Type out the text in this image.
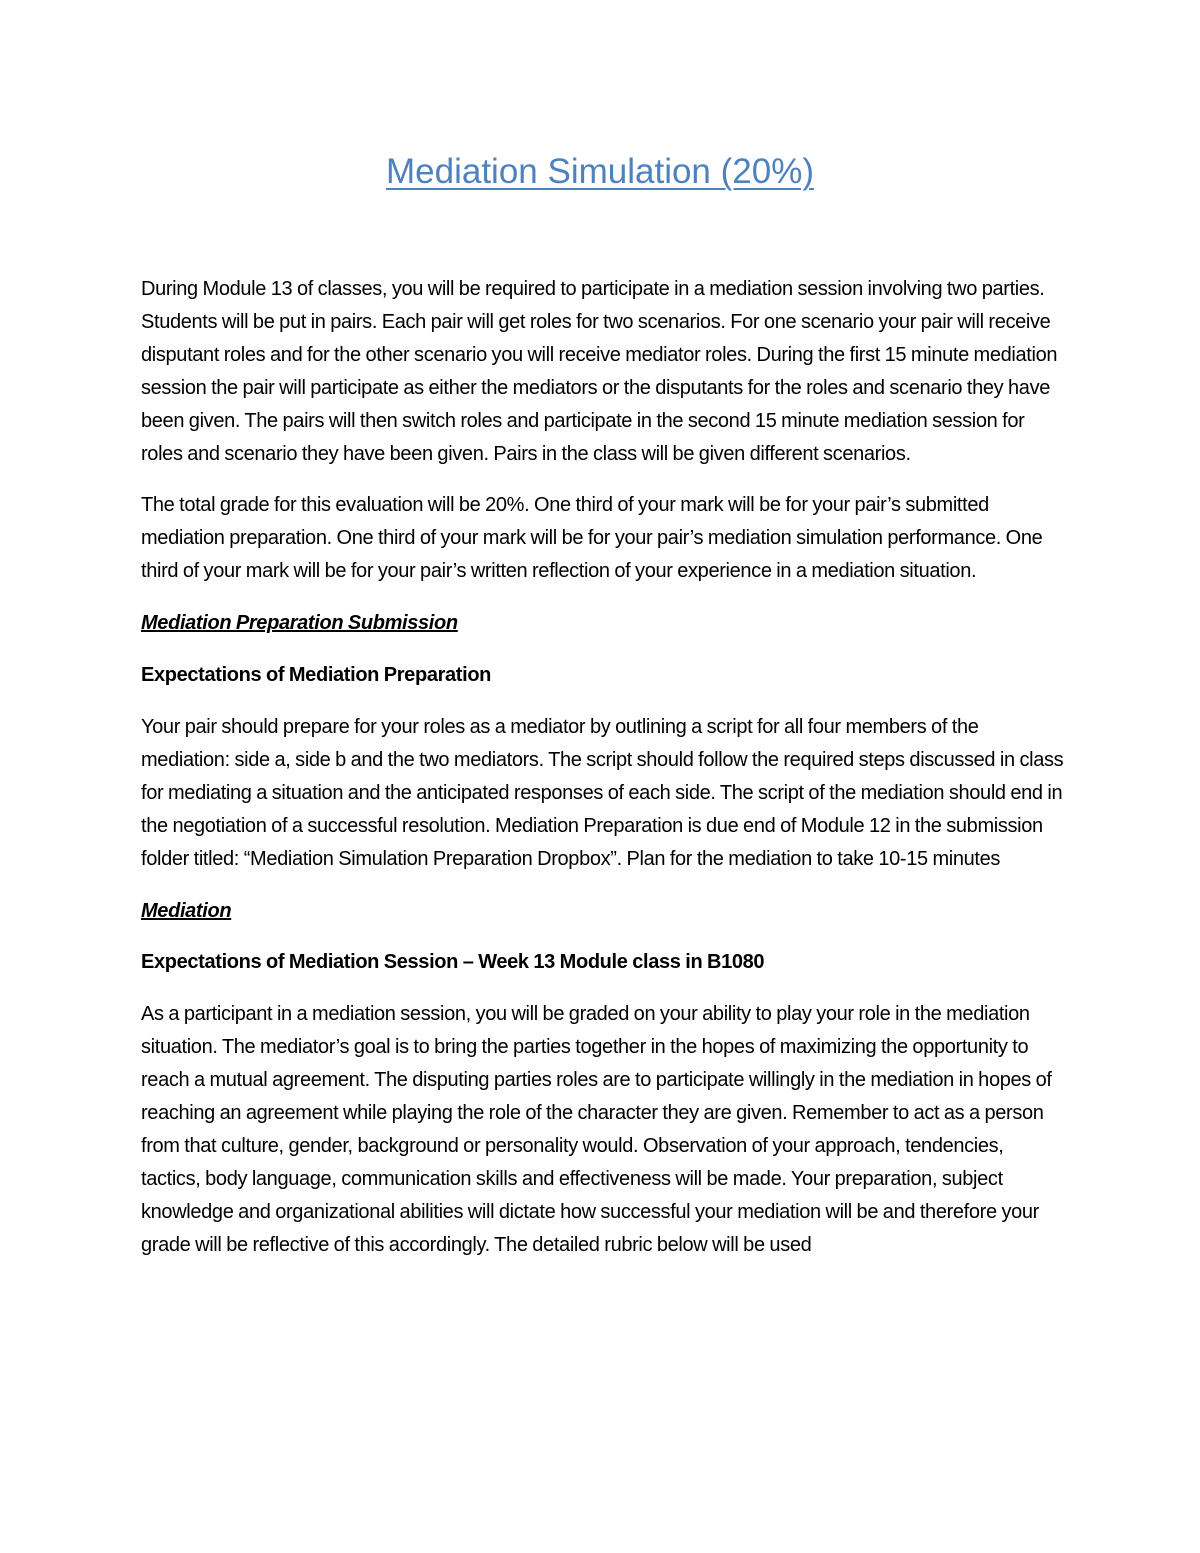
Mediation Simulation (20%)

During Module 13 of classes, you will be required to participate in a mediation session involving two parties. Students will be put in pairs. Each pair will get roles for two scenarios. For one scenario your pair will receive disputant roles and for the other scenario you will receive mediator roles. During the first 15 minute mediation session the pair will participate as either the mediators or the disputants for the roles and scenario they have been given. The pairs will then switch roles and participate in the second 15 minute mediation session for roles and scenario they have been given. Pairs in the class will be given different scenarios.

The total grade for this evaluation will be 20%. One third of your mark will be for your pair’s submitted mediation preparation. One third of your mark will be for your pair’s mediation simulation performance. One third of your mark will be for your pair’s written reflection of your experience in a mediation situation.

Mediation Preparation Submission

Expectations of Mediation Preparation

Your pair should prepare for your roles as a mediator by outlining a script for all four members of the mediation: side a, side b and the two mediators. The script should follow the required steps discussed in class for mediating a situation and the anticipated responses of each side. The script of the mediation should end in the negotiation of a successful resolution. Mediation Preparation is due end of Module 12 in the submission folder titled: “Mediation Simulation Preparation Dropbox”. Plan for the mediation to take 10-15 minutes

Mediation

Expectations of Mediation Session – Week 13 Module class in B1080

As a participant in a mediation session, you will be graded on your ability to play your role in the mediation situation. The mediator’s goal is to bring the parties together in the hopes of maximizing the opportunity to reach a mutual agreement. The disputing parties roles are to participate willingly in the mediation in hopes of reaching an agreement while playing the role of the character they are given. Remember to act as a person from that culture, gender, background or personality would. Observation of your approach, tendencies, tactics, body language, communication skills and effectiveness will be made. Your preparation, subject knowledge and organizational abilities will dictate how successful your mediation will be and therefore your grade will be reflective of this accordingly. The detailed rubric below will be used
